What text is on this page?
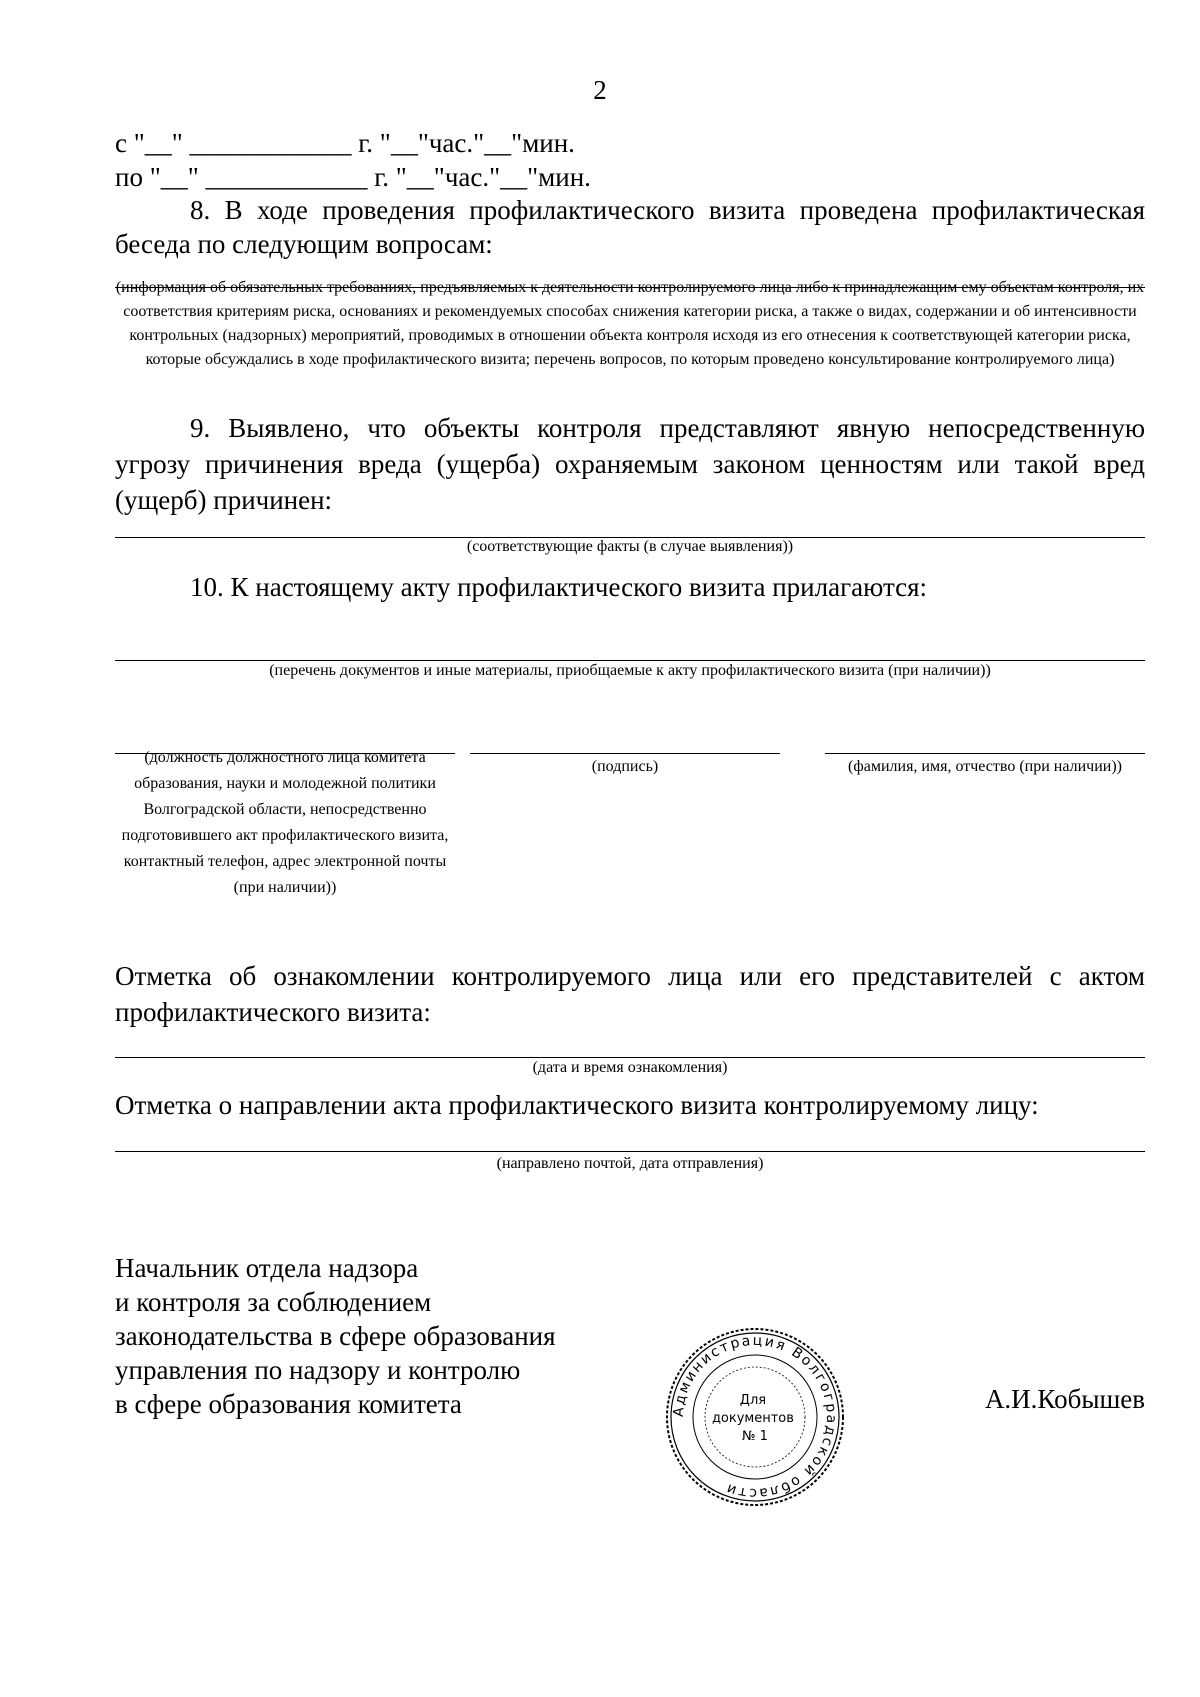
2
с "__" ____________ г. "__"час."__"мин.
по "__" ____________ г. "__"час."__"мин.
8. В ходе проведения профилактического визита проведена профилактическая беседа по следующим вопросам:
(информация об обязательных требованиях, предъявляемых к деятельности контролируемого лица либо к принадлежащим ему объектам контроля, их соответствия критериям риска, основаниях и рекомендуемых способах снижения категории риска, а также о видах, содержании и об интенсивности контрольных (надзорных) мероприятий, проводимых в отношении объекта контроля исходя из его отнесения к соответствующей категории риска, которые обсуждались в ходе профилактического визита; перечень вопросов, по которым проведено консультирование контролируемого лица)
9. Выявлено, что объекты контроля представляют явную непосредственную угрозу причинения вреда (ущерба) охраняемым законом ценностям или такой вред (ущерб) причинен:
(соответствующие факты (в случае выявления))
10. К настоящему акту профилактического визита прилагаются:
(перечень документов и иные материалы, приобщаемые к акту профилактического визита (при наличии))
(должность должностного лица комитета образования, науки и молодежной политики Волгоградской области, непосредственно подготовившего акт профилактического визита, контактный телефон, адрес электронной почты (при наличии))
(подпись)	(фамилия, имя, отчество (при наличии))
Отметка об ознакомлении контролируемого лица или его представителей с актом профилактического визита:
(дата и время ознакомления)
Отметка о направлении акта профилактического визита контролируемому лицу:
(направлено почтой, дата отправления)
Начальник отдела надзора
и контроля за соблюдением
законодательства в сфере образования
управления по надзору и контролю
в сфере образования комитета	А.И.Кобышев
Администрация Волгоградской области
Для документов № 1
